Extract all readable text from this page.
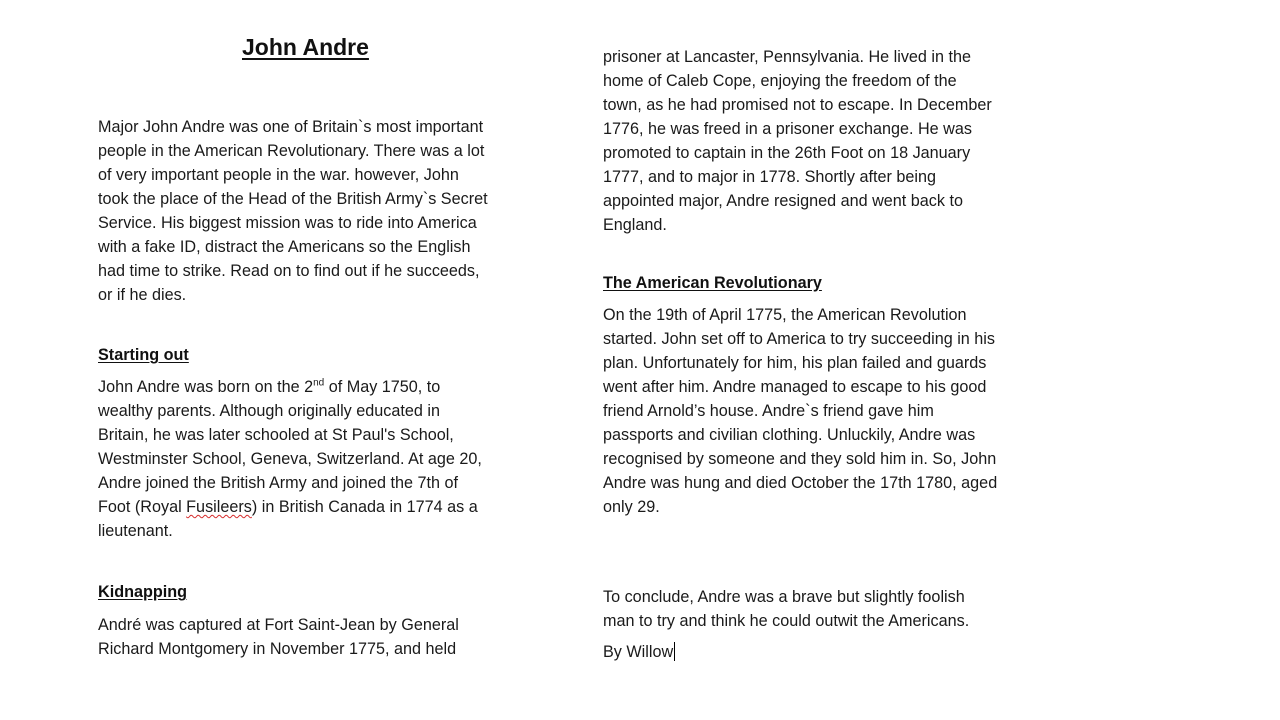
John Andre
Major John Andre was one of Britain`s most important
people in the American Revolutionary. There was a lot
of very important people in the war. however, John
took the place of the Head of the British Army`s Secret
Service. His biggest mission was to ride into America
with a fake ID, distract the Americans so the English
had time to strike. Read on to find out if he succeeds,
or if he dies.
Starting out
John Andre was born on the 2nd of May 1750, to
wealthy parents. Although originally educated in
Britain, he was later schooled at St Paul's School,
Westminster School, Geneva, Switzerland. At age 20,
Andre joined the British Army and joined the 7th of
Foot (Royal Fusileers) in British Canada in 1774 as a
lieutenant.
Kidnapping
André was captured at Fort Saint-Jean by General
Richard Montgomery in November 1775, and held
prisoner at Lancaster, Pennsylvania. He lived in the
home of Caleb Cope, enjoying the freedom of the
town, as he had promised not to escape. In December
1776, he was freed in a prisoner exchange. He was
promoted to captain in the 26th Foot on 18 January
1777, and to major in 1778. Shortly after being
appointed major, Andre resigned and went back to
England.
The American Revolutionary
On the 19th of April 1775, the American Revolution
started. John set off to America to try succeeding in his
plan. Unfortunately for him, his plan failed and guards
went after him. Andre managed to escape to his good
friend Arnold’s house. Andre`s friend gave him
passports and civilian clothing. Unluckily, Andre was
recognised by someone and they sold him in. So, John
Andre was hung and died October the 17th 1780, aged
only 29.
To conclude, Andre was a brave but slightly foolish
man to try and think he could outwit the Americans.
By Willow
